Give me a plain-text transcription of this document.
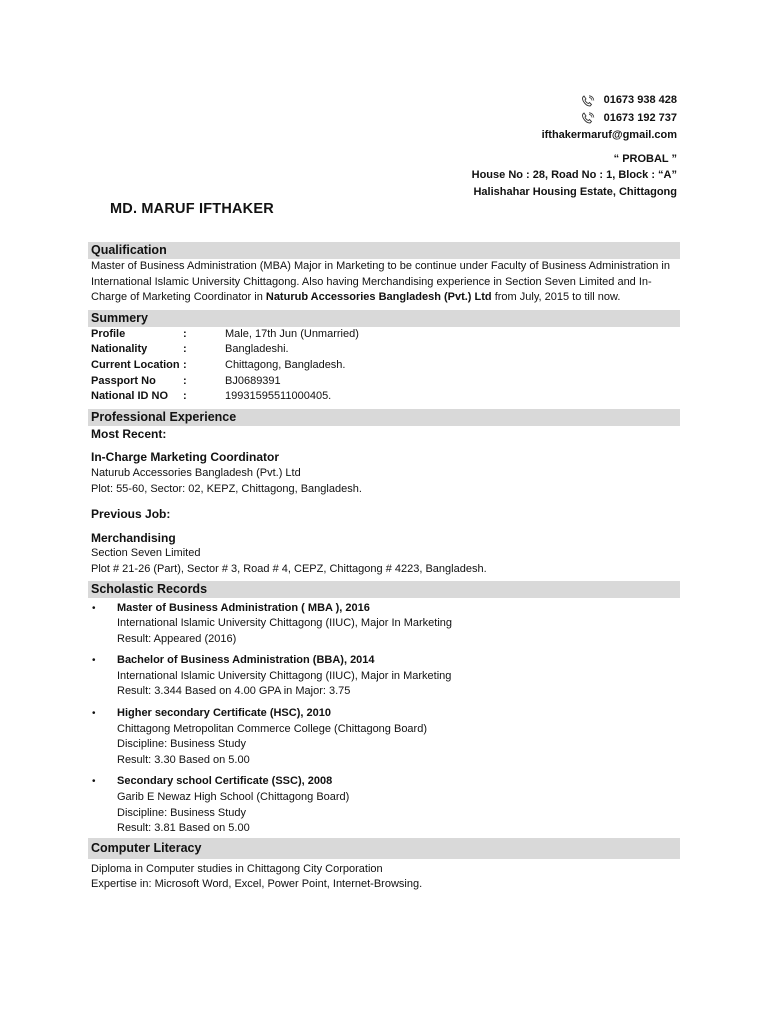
01673 938 428
01673 192 737
ifthakermaruf@gmail.com
“ PROBAL ”
House No : 28, Road No : 1, Block : “A”
Halishahar Housing Estate, Chittagong
MD. MARUF IFTHAKER
Qualification
Master of Business Administration (MBA) Major in Marketing to be continue under Faculty of Business Administration in International Islamic University Chittagong. Also having Merchandising experience in Section Seven Limited and In-Charge of Marketing Coordinator in Naturub Accessories Bangladesh (Pvt.) Ltd from July, 2015 to till now.
Summery
Profile	:	Male, 17th Jun (Unmarried)
Nationality	:	Bangladeshi.
Current Location :	Chittagong, Bangladesh.
Passport No	:	BJ0689391
National ID NO	:	19931595511000405.
Professional Experience
Most Recent:
In-Charge Marketing Coordinator
Naturub Accessories Bangladesh (Pvt.) Ltd
Plot: 55-60, Sector: 02, KEPZ, Chittagong, Bangladesh.
Previous Job:
Merchandising
Section Seven Limited
Plot # 21-26 (Part), Sector # 3, Road # 4, CEPZ, Chittagong # 4223, Bangladesh.
Scholastic Records
•	Master of Business Administration ( MBA ), 2016
International Islamic University Chittagong (IIUC), Major In Marketing
Result: Appeared (2016)
•	Bachelor of Business Administration (BBA), 2014
International Islamic University Chittagong (IIUC), Major in Marketing
Result: 3.344 Based on 4.00 GPA in Major: 3.75
•	Higher secondary Certificate (HSC), 2010
Chittagong Metropolitan Commerce College (Chittagong Board)
Discipline: Business Study
Result: 3.30 Based on 5.00
•	Secondary school Certificate (SSC), 2008
Garib E Newaz High School (Chittagong Board)
Discipline: Business Study
Result: 3.81 Based on 5.00
Computer Literacy
Diploma in Computer studies in Chittagong City Corporation
Expertise in: Microsoft Word, Excel, Power Point, Internet-Browsing.
